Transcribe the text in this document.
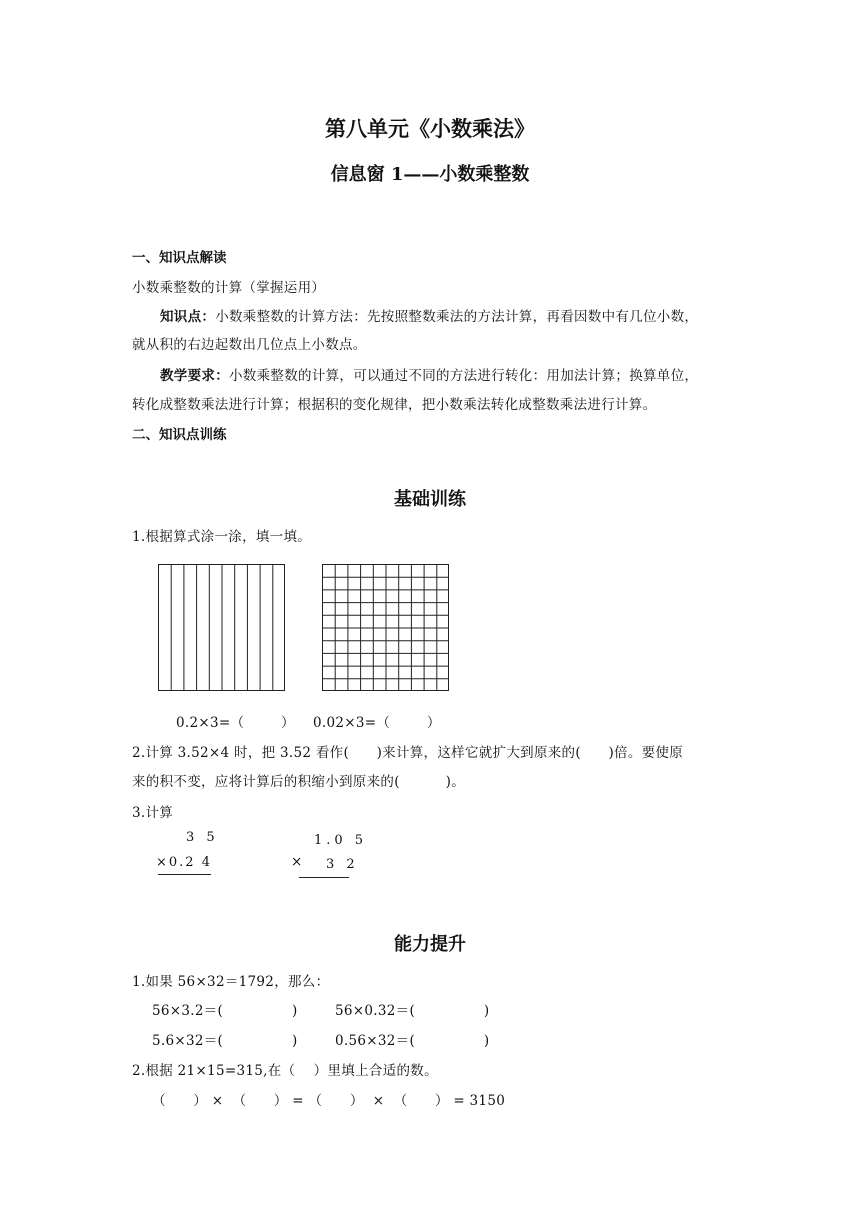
第八单元《小数乘法》
信息窗 1——小数乘整数
一、知识点解读
小数乘整数的计算（掌握运用）
知识点：小数乘整数的计算方法：先按照整数乘法的方法计算，再看因数中有几位小数，
就从积的右边起数出几位点上小数点。
教学要求：小数乘整数的计算，可以通过不同的方法进行转化：用加法计算；换算单位，
转化成整数乘法进行计算；根据积的变化规律，把小数乘法转化成整数乘法进行计算。
二、知识点训练
基础训练
1.根据算式涂一涂，填一填。
0.2×3=（        ） 0.02×3=（        ）
2.计算 3.52×4 时，把 3.52 看作(      )来计算，这样它就扩大到原来的(      )倍。要使原
来的积不变，应将计算后的积缩小到原来的(          )。
3.计算
3 5
×0.2 4
1.0 5
× 3 2
能力提升
1.如果 56×32＝1792，那么：
56×3.2＝(               )	56×0.32＝(               )
5.6×32＝(               )	0.56×32＝(               )
2.根据 21×15=315,在（    ）里填上合适的数。
（      ） ×  （      ） = （      ）  ×  （      ） = 3150
